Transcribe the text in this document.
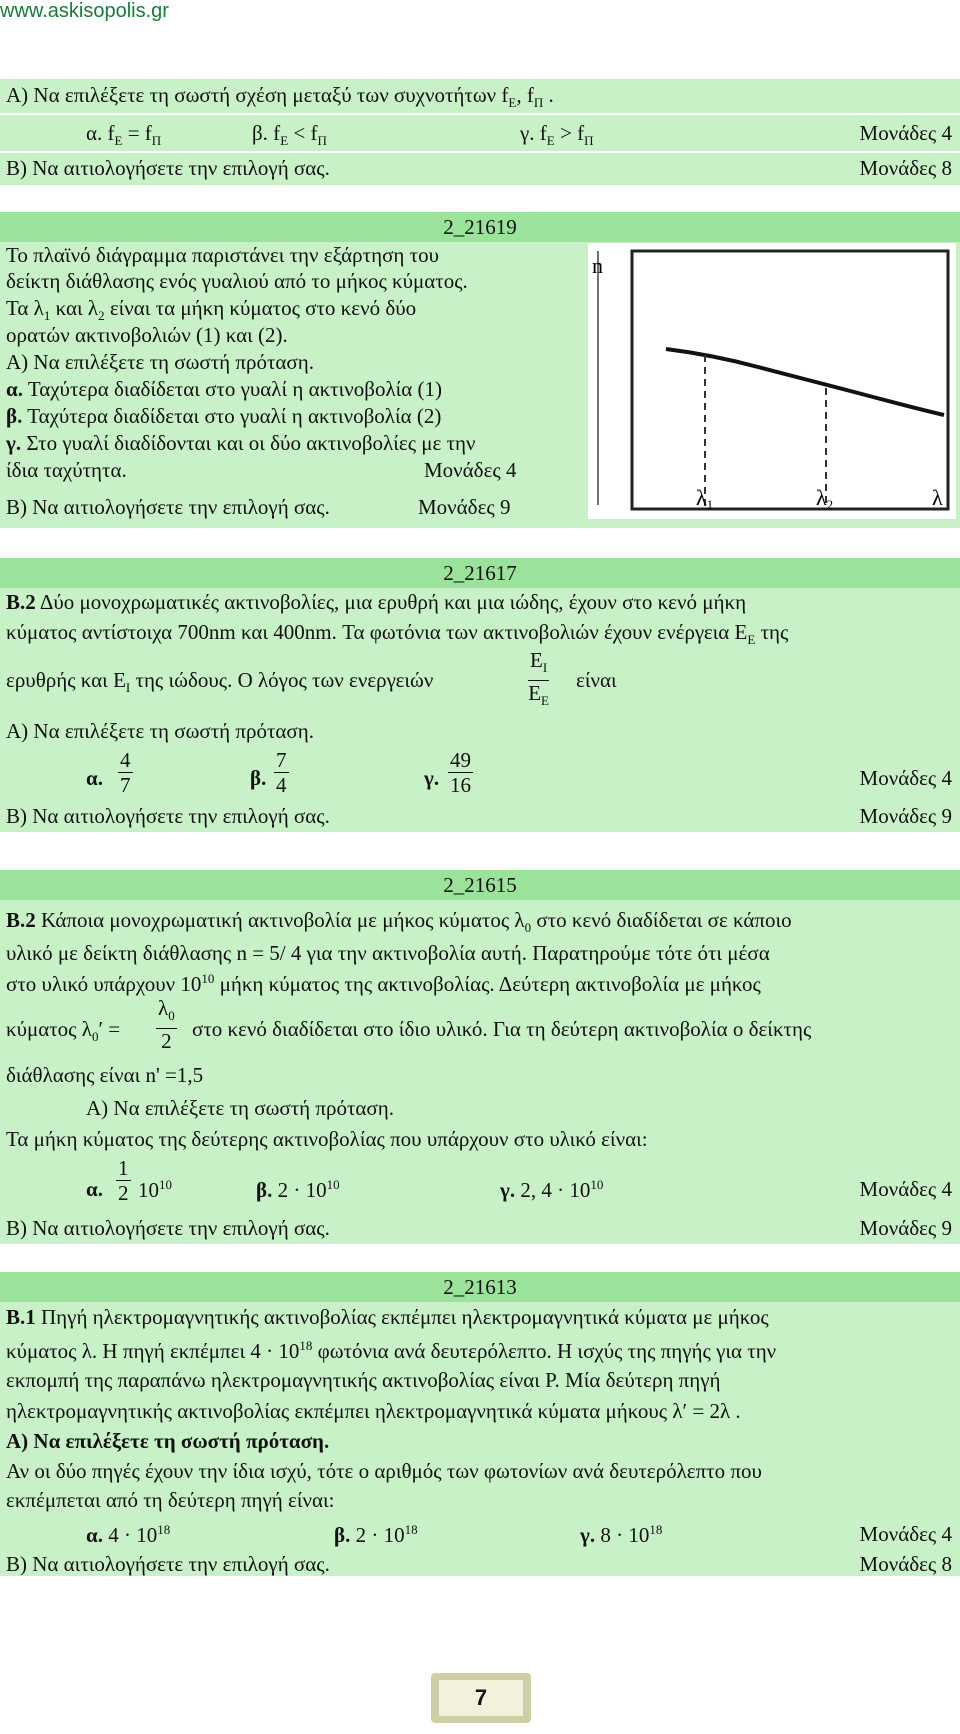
www.askisopolis.gr
Α) Να επιλέξετε τη σωστή σχέση μεταξύ των συχνοτήτων $f_E$, $f_\Pi$ .
α. $f_E = f_\Pi$	β. $f_E < f_\Pi$	γ. $f_E > f_\Pi$	Μονάδες 4
Β) Να αιτιολογήσετε την επιλογή σας.	Μονάδες 8
2_21619
Το πλαϊνό διάγραμμα παριστάνει την εξάρτηση του
δείκτη διάθλασης ενός γυαλιού από το μήκος κύματος.
Τα $\lambda_1$ και $\lambda_2$ είναι τα μήκη κύματος στο κενό δύο
ορατών ακτινοβολιών (1) και (2).
Α) Να επιλέξετε τη σωστή πρόταση.
α. Ταχύτερα διαδίδεται στο γυαλί η ακτινοβολία (1)
β. Ταχύτερα διαδίδεται στο γυαλί η ακτινοβολία (2)
γ. Στο γυαλί διαδίδονται και οι δύο ακτινοβολίες με την
ίδια ταχύτητα.	Μονάδες 4
Β) Να αιτιολογήσετε την επιλογή σας.	Μονάδες 9
n
λ1	λ2	λ
2_21617
Β.2 Δύο μονοχρωματικές ακτινοβολίες, μια ερυθρή και μια ιώδης, έχουν στο κενό μήκη
κύματος αντίστοιχα 700nm και 400nm. Τα φωτόνια των ακτινοβολιών έχουν ενέργεια $E_E$ της
ερυθρής και $E_I$ της ιώδους. Ο λόγος των ενεργειών	$\frac{E_I}{E_E}$ είναι
Α) Να επιλέξετε τη σωστή πρόταση.
α. $\frac{4}{7}$	β. $\frac{7}{4}$	γ. $\frac{49}{16}$	Μονάδες 4
Β) Να αιτιολογήσετε την επιλογή σας.	Μονάδες 9
2_21615
Β.2 Κάποια μονοχρωματική ακτινοβολία με μήκος κύματος $\lambda_0$ στο κενό διαδίδεται σε κάποιο
υλικό με δείκτη διάθλασης n = 5/ 4 για την ακτινοβολία αυτή. Παρατηρούμε τότε ότι μέσα
στο υλικό υπάρχουν $10^{10}$ μήκη κύματος της ακτινοβολίας. Δεύτερη ακτινοβολία με μήκος
κύματος $\lambda_0' = \frac{\lambda_0}{2}$ στο κενό διαδίδεται στο ίδιο υλικό. Για τη δεύτερη ακτινοβολία ο δείκτης
διάθλασης είναι n' =1,5
Α) Να επιλέξετε τη σωστή πρόταση.
Τα μήκη κύματος της δεύτερης ακτινοβολίας που υπάρχουν στο υλικό είναι:
α. $\frac{1}{2} 10^{10}$	β. $2 \cdot 10^{10}$	γ. 2, $4 \cdot 10^{10}$	Μονάδες 4
Β) Να αιτιολογήσετε την επιλογή σας.	Μονάδες 9
2_21613
Β.1 Πηγή ηλεκτρομαγνητικής ακτινοβολίας εκπέμπει ηλεκτρομαγνητικά κύματα με μήκος
κύματος λ. Η πηγή εκπέμπει $4 \cdot 10^{18}$ φωτόνια ανά δευτερόλεπτο. Η ισχύς της πηγής για την
εκπομπή της παραπάνω ηλεκτρομαγνητικής ακτινοβολίας είναι P. Μία δεύτερη πηγή
ηλεκτρομαγνητικής ακτινοβολίας εκπέμπει ηλεκτρομαγνητικά κύματα μήκους λ′ = 2λ .
Α) Να επιλέξετε τη σωστή πρόταση.
Αν οι δύο πηγές έχουν την ίδια ισχύ, τότε ο αριθμός των φωτονίων ανά δευτερόλεπτο που
εκπέμπεται από τη δεύτερη πηγή είναι:
α. $4 \cdot 10^{18}$	β. $2 \cdot 10^{18}$	γ. $8 \cdot 10^{18}$	Μονάδες 4
Β) Να αιτιολογήσετε την επιλογή σας.	Μονάδες 8
7
